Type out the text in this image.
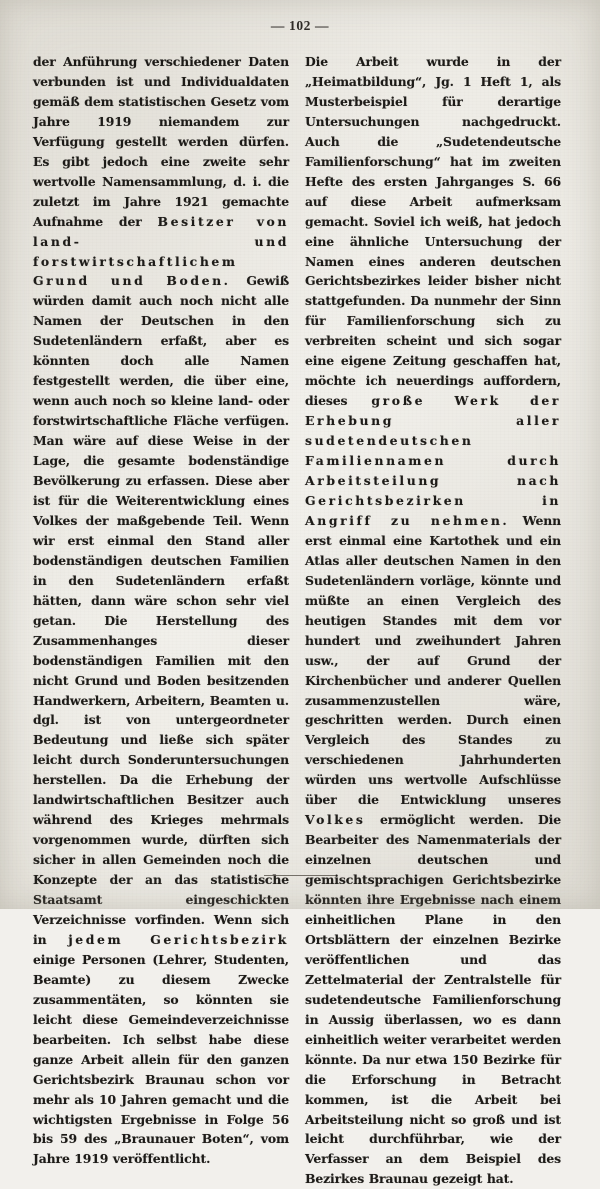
— 102 —

der Anführung verschiedener Daten verbunden ist und Individualdaten gemäß dem statistischen Gesetz vom Jahre 1919 niemandem zur Verfügung gestellt werden dürfen. Es gibt jedoch eine zweite sehr wertvolle Namensammlung, d. i. die zuletzt im Jahre 1921 gemachte Aufnahme der Besitzer von land- und forstwirtschaftlichem Grund und Boden. Gewiß würden damit auch noch nicht alle Namen der Deutschen in den Sudetenländern erfaßt, aber es könnten doch alle Namen festgestellt werden, die über eine, wenn auch noch so kleine land- oder forstwirtschaftliche Fläche verfügen. Man wäre auf diese Weise in der Lage, die gesamte bodenständige Bevölkerung zu erfassen. Diese aber ist für die Weiterentwicklung eines Volkes der maßgebende Teil. Wenn wir erst einmal den Stand aller bodenständigen deutschen Familien in den Sudetenländern erfaßt hätten, dann wäre schon sehr viel getan. Die Herstellung des Zusammenhanges dieser bodenständigen Familien mit den nicht Grund und Boden besitzenden Handwerkern, Arbeitern, Beamten u. dgl. ist von untergeordneter Bedeutung und ließe sich später leicht durch Sonderuntersuchungen herstellen. Da die Erhebung der landwirtschaftlichen Besitzer auch während des Krieges mehrmals vorgenommen wurde, dürften sich sicher in allen Gemeinden noch die Konzepte der an das statistische Staatsamt eingeschickten Verzeichnisse vorfinden. Wenn sich in jedem Gerichtsbezirk einige Personen (Lehrer, Studenten, Beamte) zu diesem Zwecke zusammentäten, so könnten sie leicht diese Gemeindeverzeichnisse bearbeiten. Ich selbst habe diese ganze Arbeit allein für den ganzen Gerichtsbezirk Braunau schon vor mehr als 10 Jahren gemacht und die wichtigsten Ergebnisse in Folge 56 bis 59 des „Braunauer Boten“, vom Jahre 1919 veröffentlicht.

Die Arbeit wurde in der „Heimatbildung“, Jg. 1 Heft 1, als Musterbeispiel für derartige Untersuchungen nachgedruckt. Auch die „Sudetendeutsche Familienforschung“ hat im zweiten Hefte des ersten Jahrganges S. 66 auf diese Arbeit aufmerksam gemacht. Soviel ich weiß, hat jedoch eine ähnliche Untersuchung der Namen eines anderen deutschen Gerichtsbezirkes leider bisher nicht stattgefunden. Da nunmehr der Sinn für Familienforschung sich zu verbreiten scheint und sich sogar eine eigene Zeitung geschaffen hat, möchte ich neuerdings auffordern, dieses große Werk der Erhebung aller sudetendeutschen Familiennamen durch Arbeitsteilung nach Gerichtsbezirken in Angriff zu nehmen. Wenn erst einmal eine Kartothek und ein Atlas aller deutschen Namen in den Sudetenländern vorläge, könnte und müßte an einen Vergleich des heutigen Standes mit dem vor hundert und zweihundert Jahren usw., der auf Grund der Kirchenbücher und anderer Quellen zusammenzustellen wäre, geschritten werden. Durch einen Vergleich des Standes zu verschiedenen Jahrhunderten würden uns wertvolle Aufschlüsse über die Entwicklung unseres Volkes ermöglicht werden. Die Bearbeiter des Namenmaterials der einzelnen deutschen und gemischtsprachigen Gerichtsbezirke könnten ihre Ergebnisse nach einem einheitlichen Plane in den Ortsblättern der einzelnen Bezirke veröffentlichen und das Zettelmaterial der Zentralstelle für sudetendeutsche Familienforschung in Aussig überlassen, wo es dann einheitlich weiter verarbeitet werden könnte. Da nur etwa 150 Bezirke für die Erforschung in Betracht kommen, ist die Arbeit bei Arbeitsteilung nicht so groß und ist leicht durchführbar, wie der Verfasser an dem Beispiel des Bezirkes Braunau gezeigt hat.
